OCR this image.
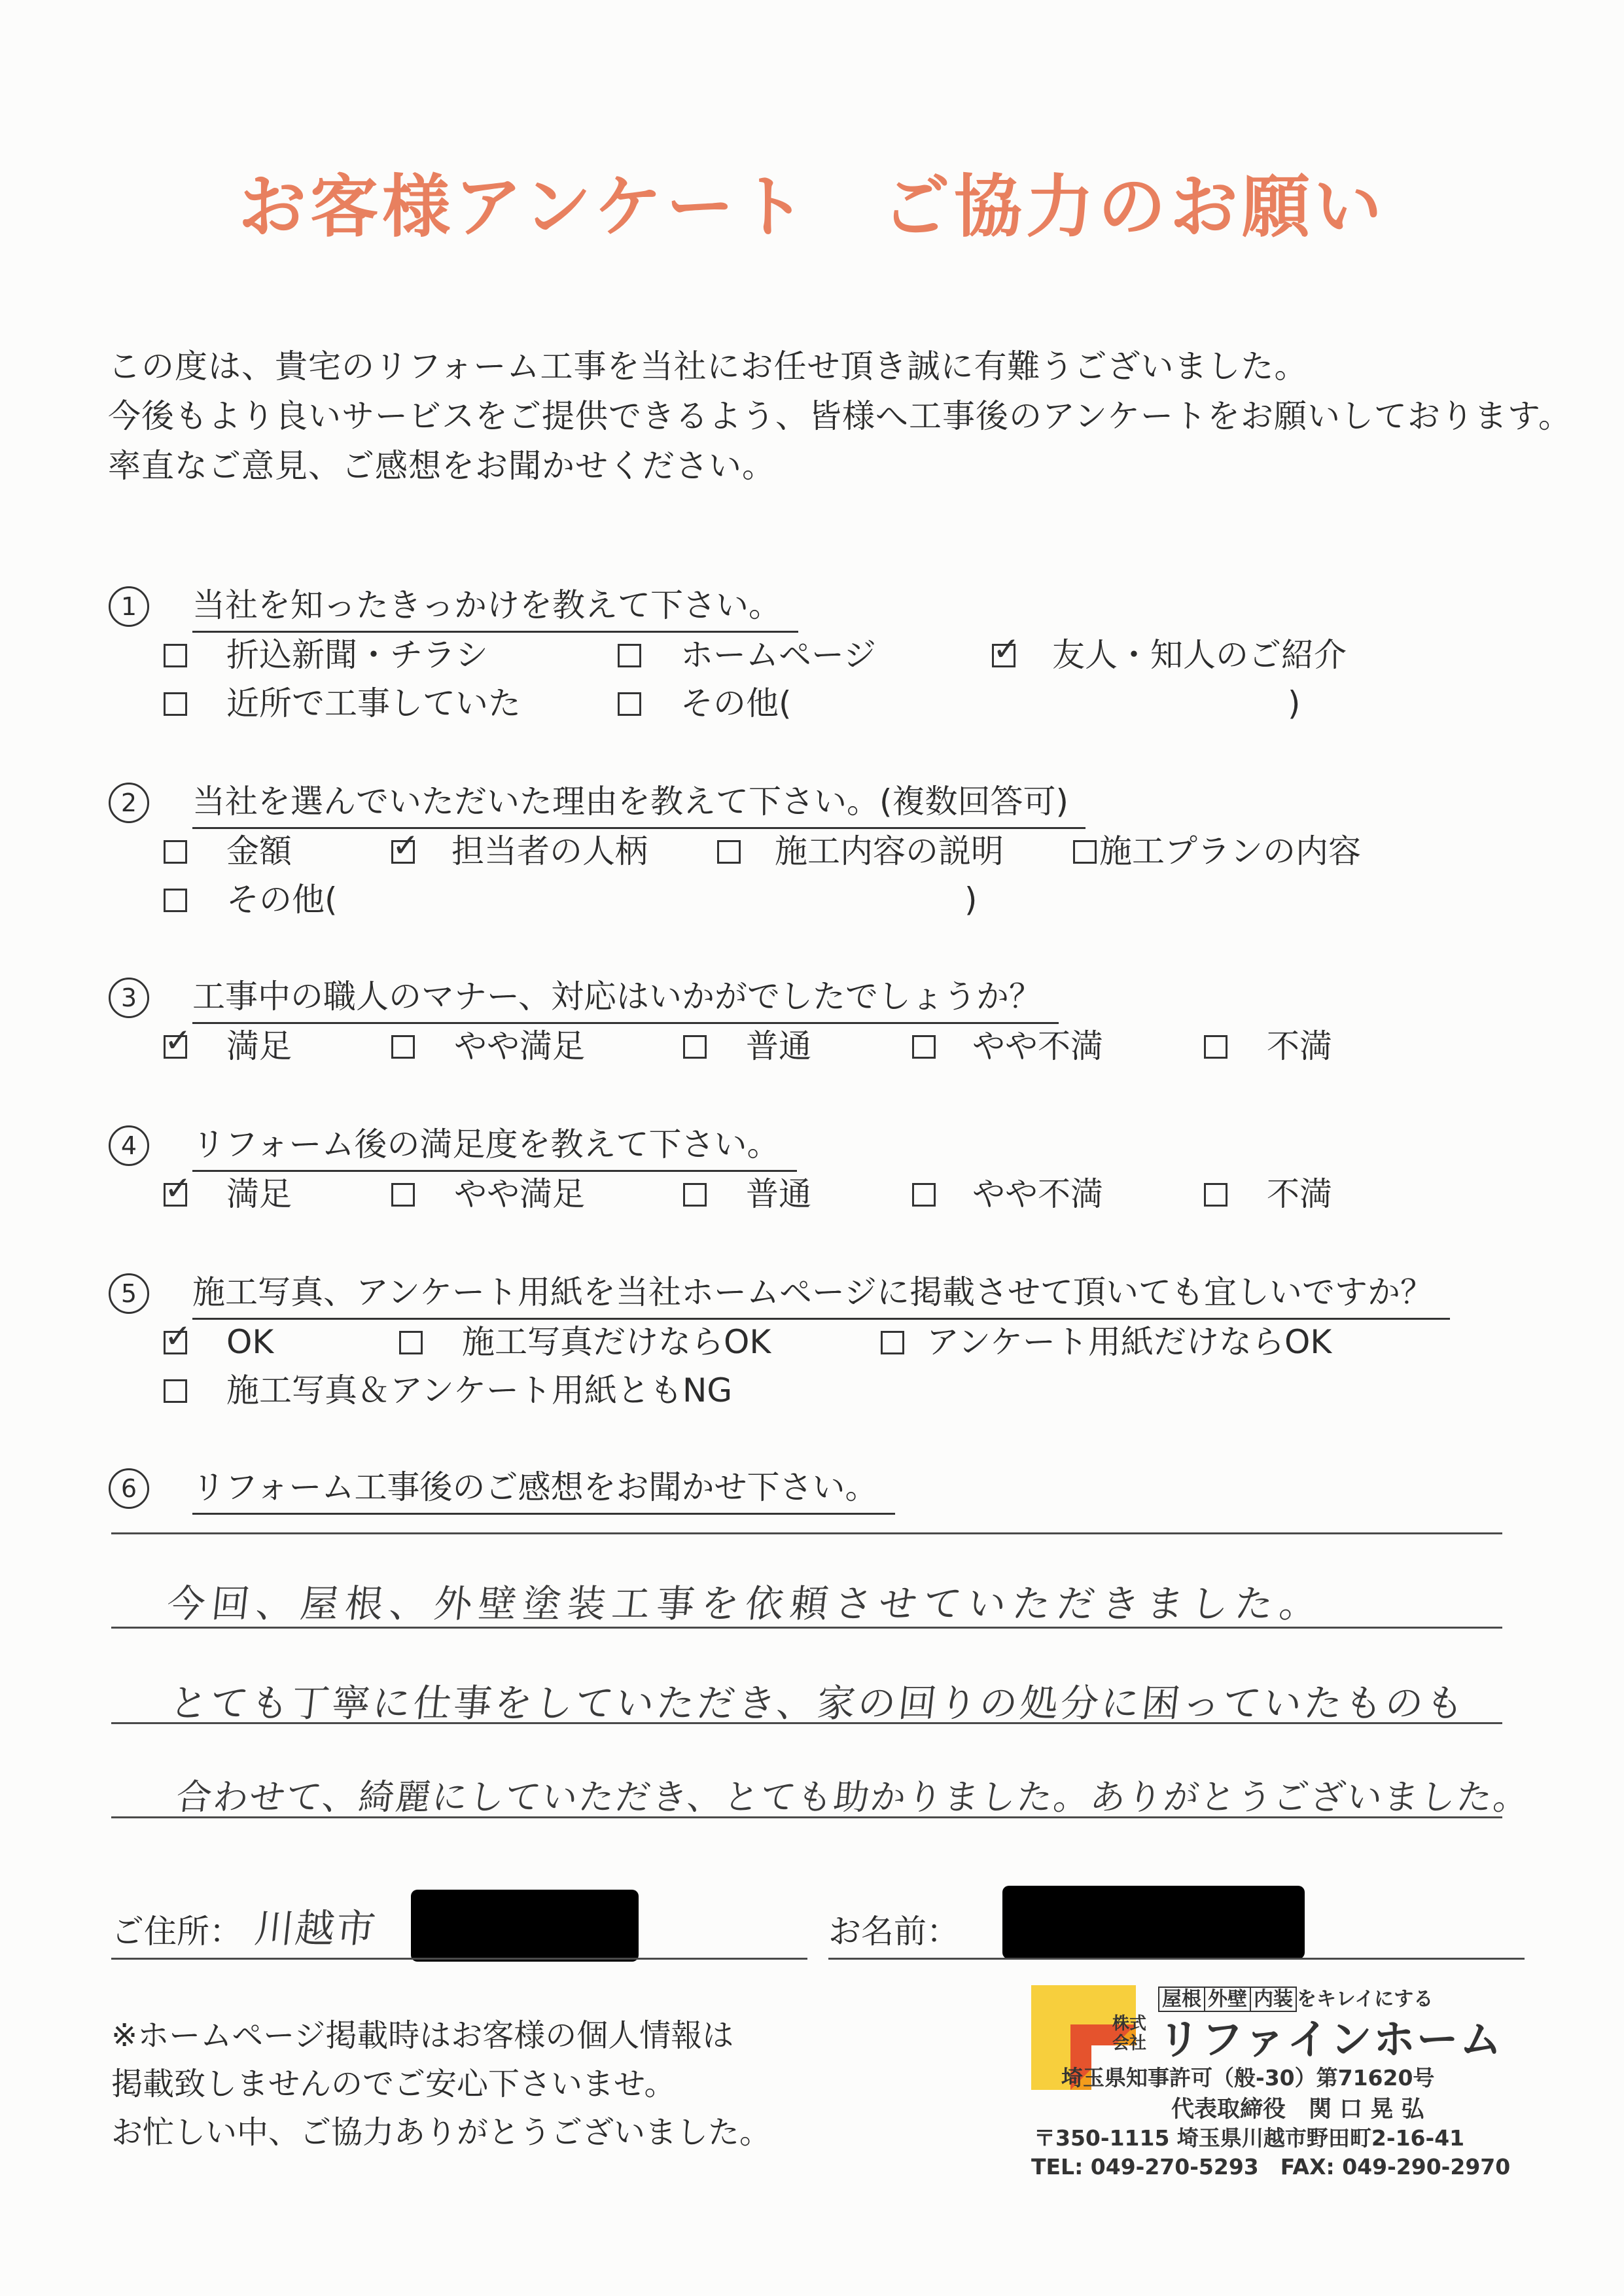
お客様アンケート　ご協力のお願い
この度は、貴宅のリフォーム工事を当社にお任せ頂き誠に有難うございました。
今後もより良いサービスをご提供できるよう、皆様へ工事後のアンケートをお願いしております。
率直なご意見、ご感想をお聞かせください。
1	当社を知ったきっかけを教えて下さい。
折込新聞・チラシ	ホームページ	✓ 友人・知人のご紹介
近所で工事していた	その他(	)
2	当社を選んでいただいた理由を教えて下さい。(複数回答可)
金額	✓ 担当者の人柄	施工内容の説明	施工プランの内容
その他(	)
3	工事中の職人のマナー、対応はいかがでしたでしょうか？
✓ 満足	やや満足	普通	やや不満	不満
4	リフォーム後の満足度を教えて下さい。
✓ 満足	やや満足	普通	やや不満	不満
5	施工写真、アンケート用紙を当社ホームページに掲載させて頂いても宜しいですか？
✓ OK	施工写真だけならOK	アンケート用紙だけならOK
施工写真＆アンケート用紙ともNG
6	リフォーム工事後のご感想をお聞かせ下さい。
今回、屋根、外壁塗装工事を依頼させていただきました。
とても丁寧に仕事をしていただき、家の回りの処分に困っていたものも
合わせて、綺麗にしていただき、とても助かりました。ありがとうございました。
ご住所： 川越市	お名前：
※ホームページ掲載時はお客様の個人情報は
掲載致しませんのでご安心下さいませ。
お忙しい中、ご協力ありがとうございました。
屋根 外壁 内装 をキレイにする
株式会社 リファインホーム
埼玉県知事許可（般-30）第71620号
代表取締役　関 口 晃 弘
〒350-1115 埼玉県川越市野田町2-16-41
TEL: 049-270-5293　FAX: 049-290-2970
